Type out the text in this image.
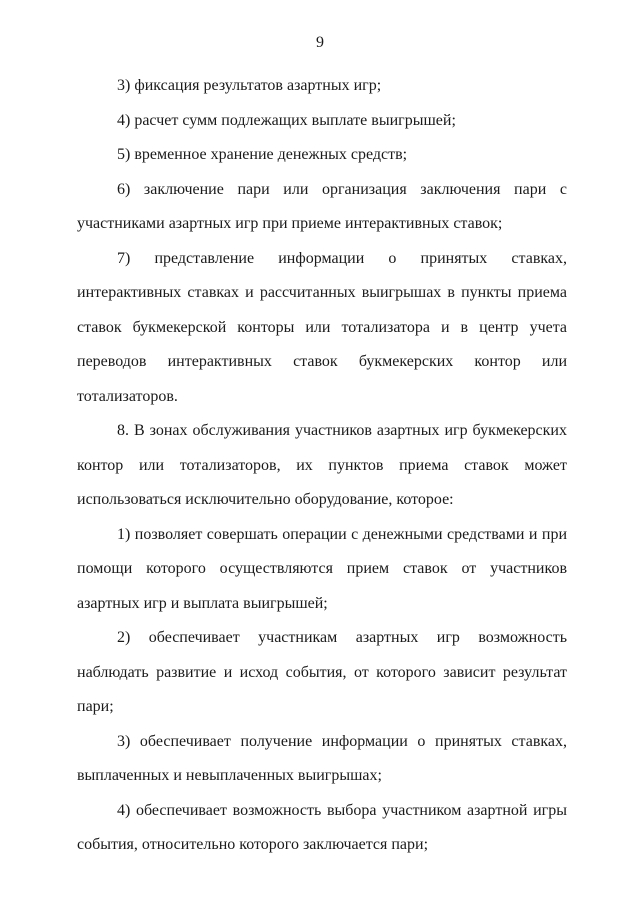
9

3) фиксация результатов азартных игр;

4) расчет сумм подлежащих выплате выигрышей;

5) временное хранение денежных средств;

6) заключение пари или организация заключения пари с участниками азартных игр при приеме интерактивных ставок;

7) представление информации о принятых ставках, интерактивных ставках и рассчитанных выигрышах в пункты приема ставок букмекерской конторы или тотализатора и в центр учета переводов интерактивных ставок букмекерских контор или тотализаторов.

8. В зонах обслуживания участников азартных игр букмекерских контор или тотализаторов, их пунктов приема ставок может использоваться исключительно оборудование, которое:

1) позволяет совершать операции с денежными средствами и при помощи которого осуществляются прием ставок от участников азартных игр и выплата выигрышей;

2) обеспечивает участникам азартных игр возможность наблюдать развитие и исход события, от которого зависит результат пари;

3) обеспечивает получение информации о принятых ставках, выплаченных и невыплаченных выигрышах;

4) обеспечивает возможность выбора участником азартной игры события, относительно которого заключается пари;
